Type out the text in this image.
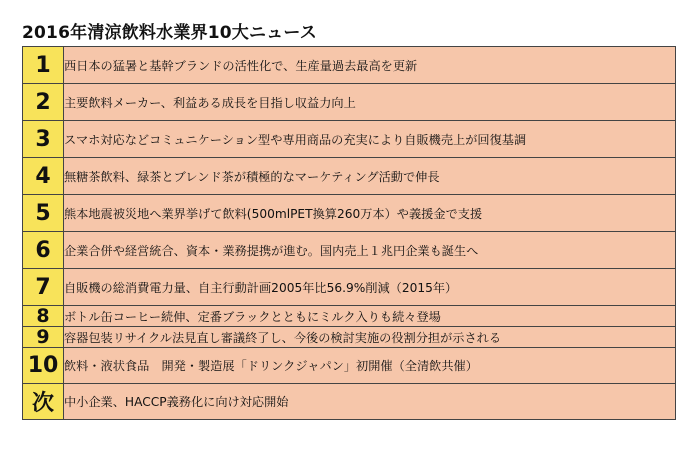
2016年清涼飲料水業界10大ニュース
1	西日本の猛暑と基幹ブランドの活性化で、生産量過去最高を更新
2	主要飲料メーカー、利益ある成長を目指し収益力向上
3	スマホ対応などコミュニケーション型や専用商品の充実により自販機売上が回復基調
4	無糖茶飲料、緑茶とブレンド茶が積極的なマーケティング活動で伸長
5	熊本地震被災地へ業界挙げて飲料(500mlPET換算260万本）や義援金で支援
6	企業合併や経営統合、資本・業務提携が進む。国内売上１兆円企業も誕生へ
7	自販機の総消費電力量、自主行動計画2005年比56.9%削減（2015年）
8	ボトル缶コーヒー続伸、定番ブラックとともにミルク入りも続々登場
9	容器包装リサイクル法見直し審議終了し、今後の検討実施の役割分担が示される
10	飲料・液状食品　開発・製造展「ドリンクジャパン」初開催（全清飲共催）
次	中小企業、HACCP義務化に向け対応開始
